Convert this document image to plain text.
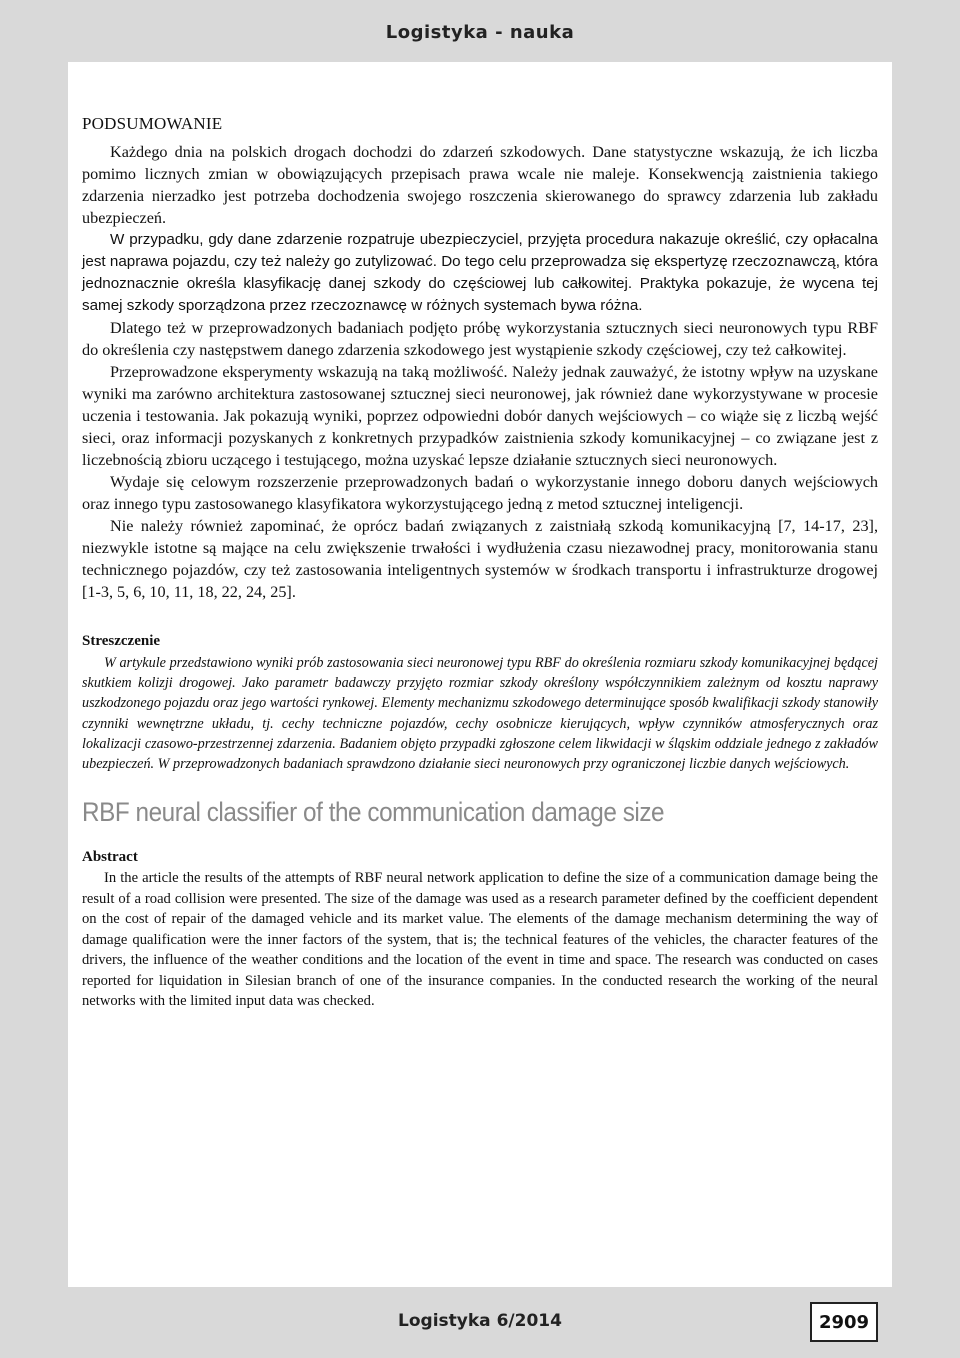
Logistyka - nauka
PODSUMOWANIE

Każdego dnia na polskich drogach dochodzi do zdarzeń szkodowych. Dane statystyczne wskazują, że ich liczba pomimo licznych zmian w obowiązujących przepisach prawa wcale nie maleje. Konsekwencją zaistnienia takiego zdarzenia nierzadko jest potrzeba dochodzenia swojego roszczenia skierowanego do sprawcy zdarzenia lub zakładu ubezpieczeń.

W przypadku, gdy dane zdarzenie rozpatruje ubezpieczyciel, przyjęta procedura nakazuje określić, czy opłacalna jest naprawa pojazdu, czy też należy go zutylizować. Do tego celu przeprowadza się ekspertyzę rzeczoznawczą, która jednoznacznie określa klasyfikację danej szkody do częściowej lub całkowitej. Praktyka pokazuje, że wycena tej samej szkody sporządzona przez rzeczoznawcę w różnych systemach bywa różna.

Dlatego też w przeprowadzonych badaniach podjęto próbę wykorzystania sztucznych sieci neuronowych typu RBF do określenia czy następstwem danego zdarzenia szkodowego jest wystąpienie szkody częściowej, czy też całkowitej.

Przeprowadzone eksperymenty wskazują na taką możliwość. Należy jednak zauważyć, że istotny wpływ na uzyskane wyniki ma zarówno architektura zastosowanej sztucznej sieci neuronowej, jak również dane wykorzystywane w procesie uczenia i testowania. Jak pokazują wyniki, poprzez odpowiedni dobór danych wejściowych – co wiąże się z liczbą wejść sieci, oraz informacji pozyskanych z konkretnych przypadków zaistnienia szkody komunikacyjnej – co związane jest z liczebnością zbioru uczącego i testującego, można uzyskać lepsze działanie sztucznych sieci neuronowych.

Wydaje się celowym rozszerzenie przeprowadzonych badań o wykorzystanie innego doboru danych wejściowych oraz innego typu zastosowanego klasyfikatora wykorzystującego jedną z metod sztucznej inteligencji.

Nie należy również zapominać, że oprócz badań związanych z zaistniałą szkodą komunikacyjną [7, 14-17, 23], niezwykle istotne są mające na celu zwiększenie trwałości i wydłużenia czasu niezawodnej pracy, monitorowania stanu technicznego pojazdów, czy też zastosowania inteligentnych systemów w środkach transportu i infrastrukturze drogowej [1-3, 5, 6, 10, 11, 18, 22, 24, 25].

Streszczenie

W artykule przedstawiono wyniki prób zastosowania sieci neuronowej typu RBF do określenia rozmiaru szkody komunikacyjnej będącej skutkiem kolizji drogowej. Jako parametr badawczy przyjęto rozmiar szkody określony współczynnikiem zależnym od kosztu naprawy uszkodzonego pojazdu oraz jego wartości rynkowej. Elementy mechanizmu szkodowego determinujące sposób kwalifikacji szkody stanowiły czynniki wewnętrzne układu, tj. cechy techniczne pojazdów, cechy osobnicze kierujących, wpływ czynników atmosferycznych oraz lokalizacji czasowo-przestrzennej zdarzenia. Badaniem objęto przypadki zgłoszone celem likwidacji w śląskim oddziale jednego z zakładów ubezpieczeń. W przeprowadzonych badaniach sprawdzono działanie sieci neuronowych przy ograniczonej liczbie danych wejściowych.

RBF neural classifier of the communication damage size
Abstract

In the article the results of the attempts of RBF neural network application to define the size of a communication damage being the result of a road collision were presented. The size of the damage was used as a research parameter defined by the coefficient dependent on the cost of repair of the damaged vehicle and its market value. The elements of the damage mechanism determining the way of damage qualification were the inner factors of the system, that is; the technical features of the vehicles, the character features of the drivers, the influence of the weather conditions and the location of the event in time and space. The research was conducted on cases reported for liquidation in Silesian branch of one of the insurance companies. In the conducted research the working of the neural networks with the limited input data was checked.

Logistyka 6/2014	2909
